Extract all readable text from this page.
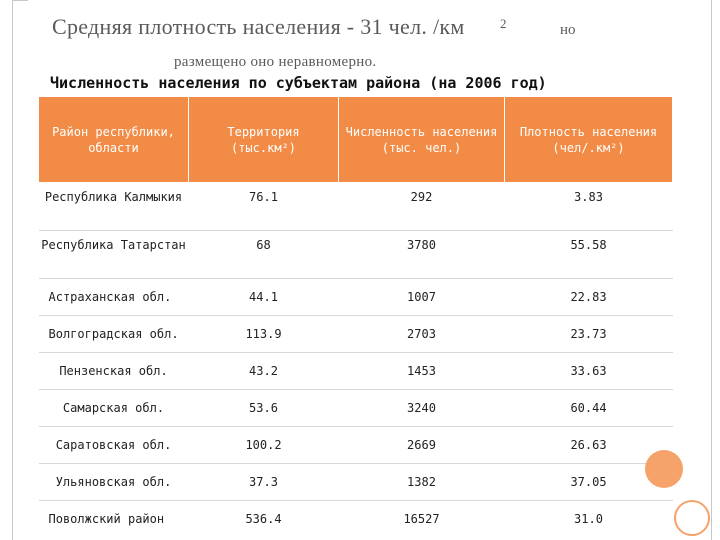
Средняя плотность населения - 31 чел. /км	2	но
размещено оно неравномерно.
Численность населения по субъектам района (на 2006 год)
Район республики, области	Территория (тыс.км²)	Численность населения (тыс. чел.)	Плотность населения (чел/.км²)
Республика Калмыкия	76.1	292	3.83
Республика Татарстан	68	3780	55.58
Астраханская обл.	44.1	1007	22.83
Волгоградская обл.	113.9	2703	23.73
Пензенская обл.	43.2	1453	33.63
Самарская обл.	53.6	3240	60.44
Саратовская обл.	100.2	2669	26.63
Ульяновская обл.	37.3	1382	37.05
Поволжский район	536.4	16527	31.0
